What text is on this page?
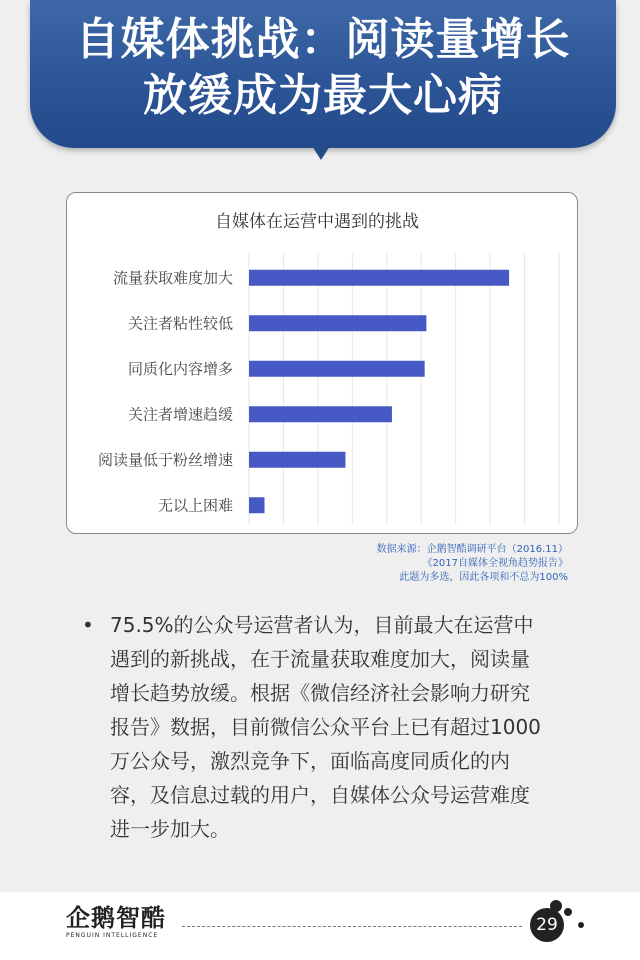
自媒体挑战：阅读量增长
放缓成为最大心病
自媒体在运营中遇到的挑战
流量获取难度加大
关注者粘性较低
同质化内容增多
关注者增速趋缓
阅读量低于粉丝增速
无以上困难
数据来源：企鹅智酷调研平台（2016.11）
《2017自媒体全视角趋势报告》
此题为多选，因此各项和不总为100%
• 75.5%的公众号运营者认为，目前最大在运营中
遇到的新挑战，在于流量获取难度加大，阅读量
增长趋势放缓。根据《微信经济社会影响力研究
报告》数据，目前微信公众平台上已有超过1000
万公众号，激烈竞争下，面临高度同质化的内
容，及信息过载的用户，自媒体公众号运营难度
进一步加大。
企鹅智酷
PENGUIN INTELLIGENCE
29
